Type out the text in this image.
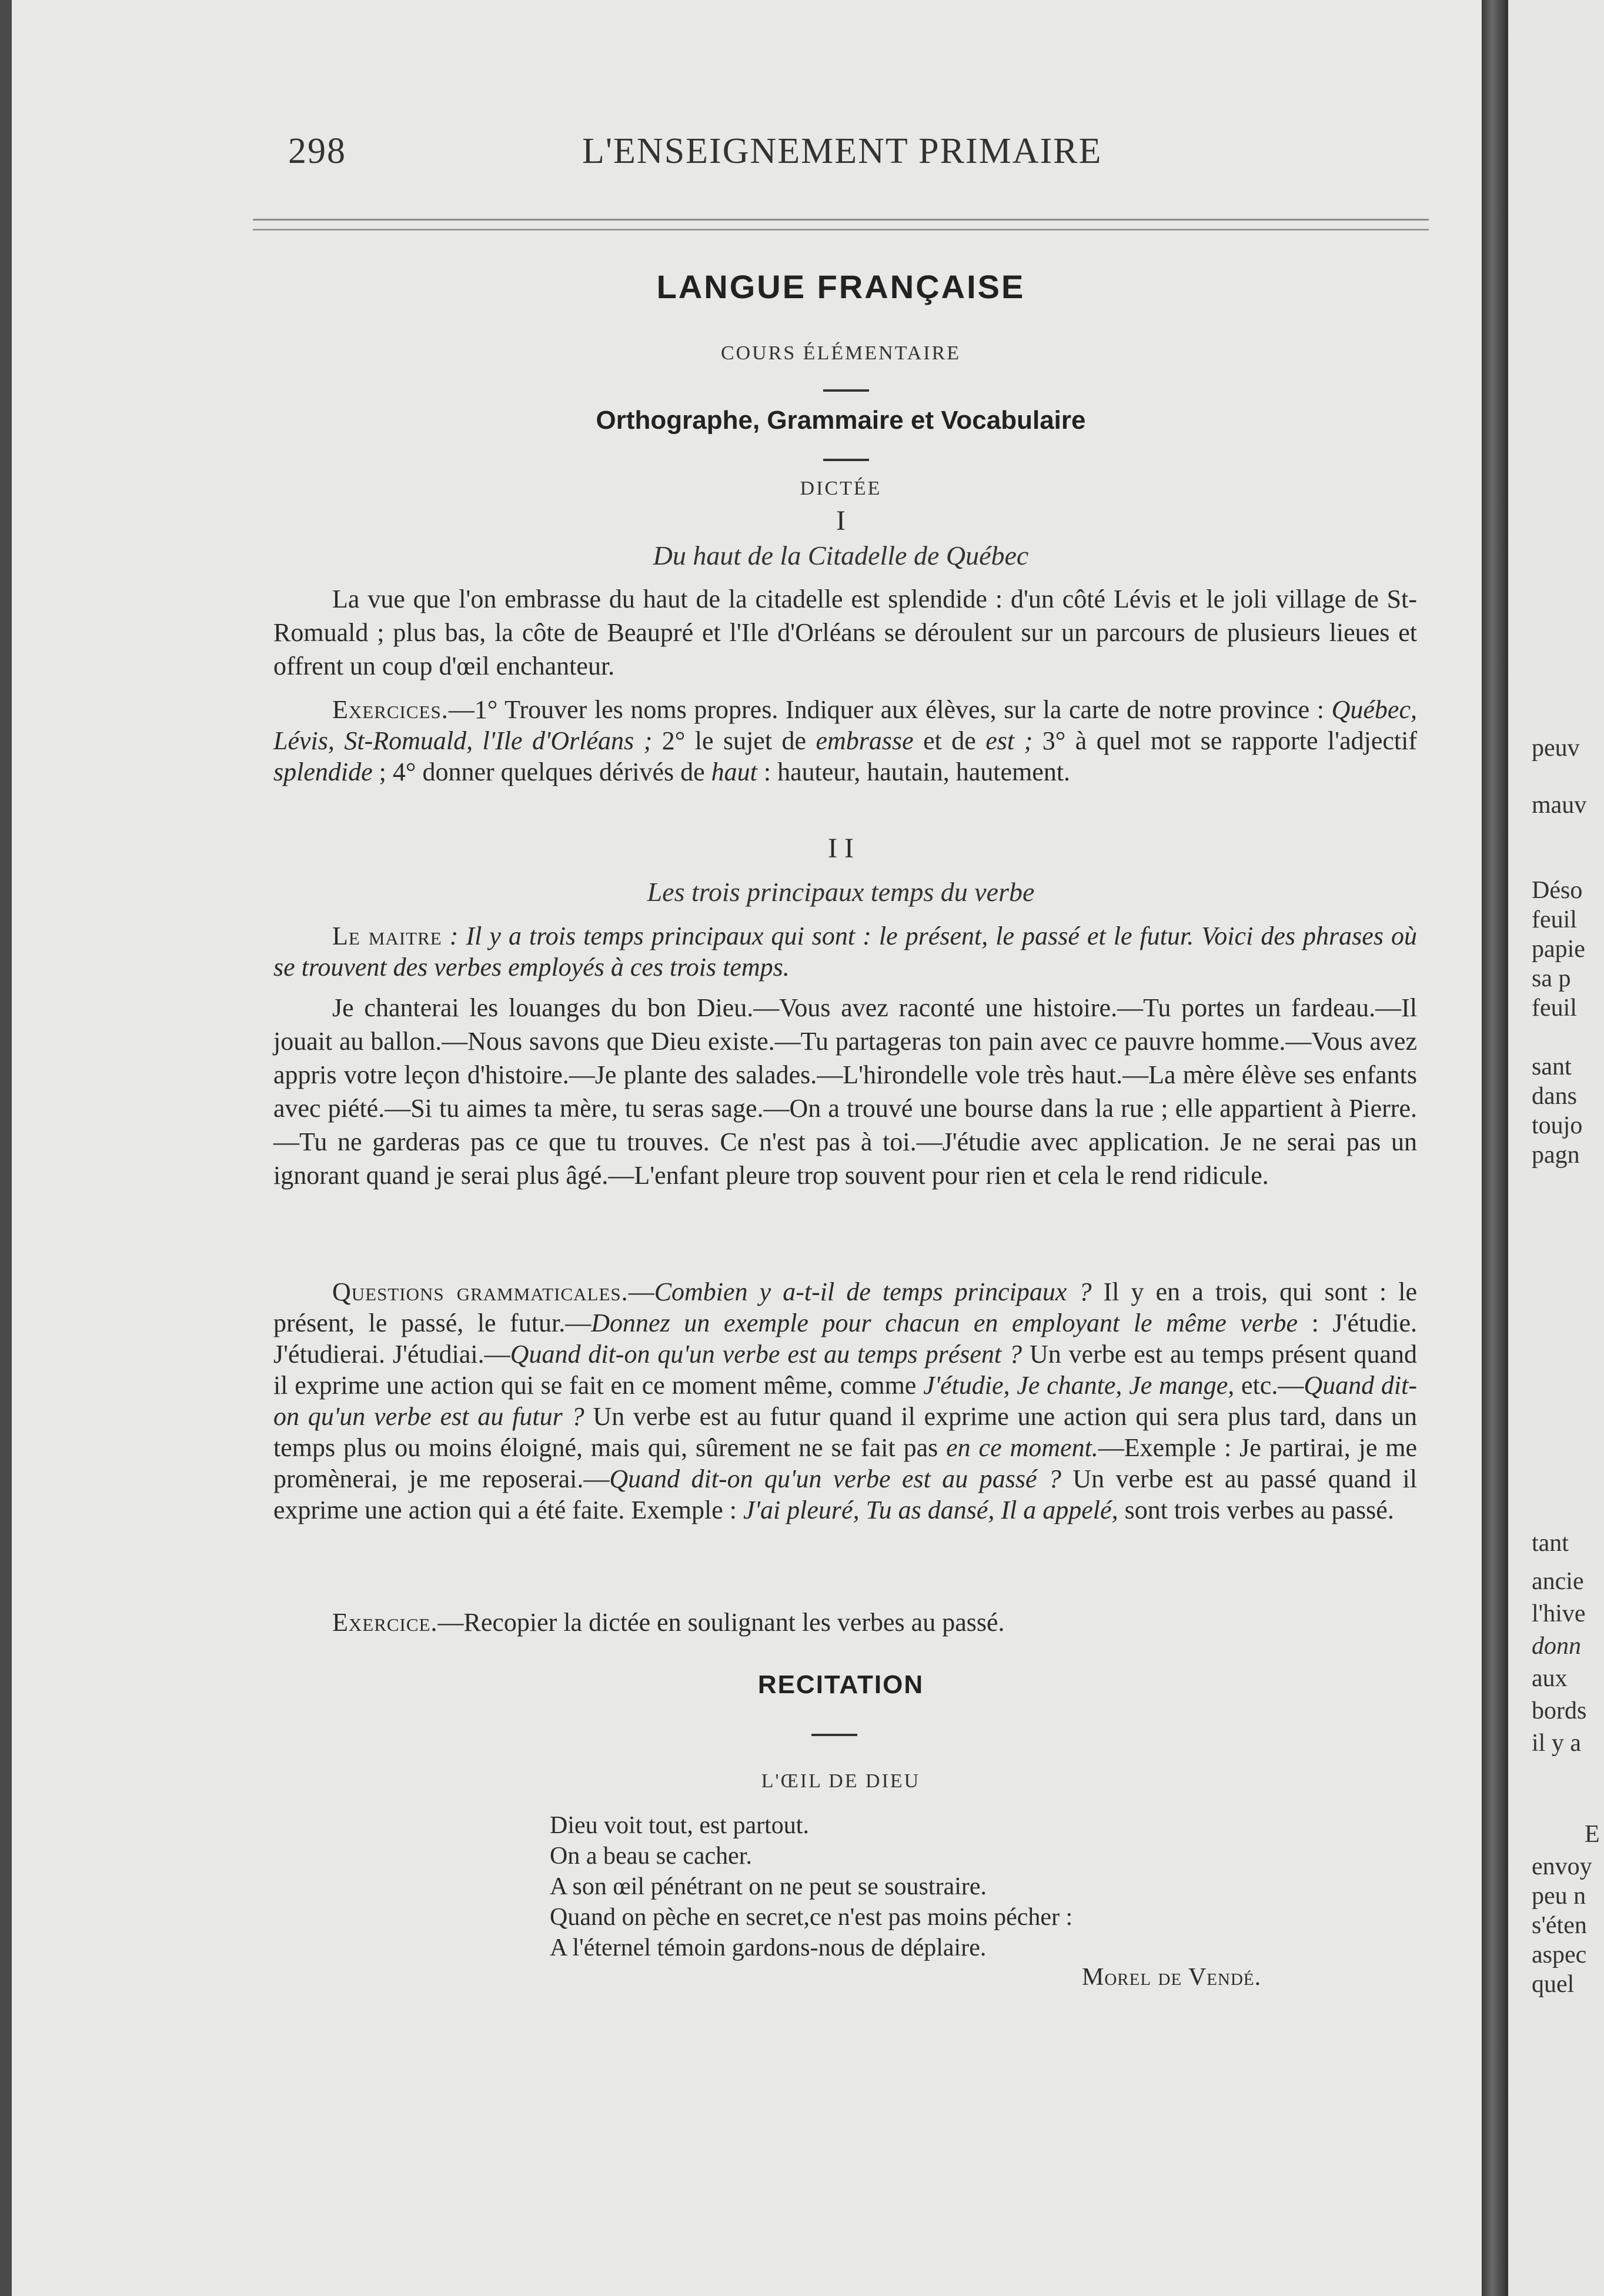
peuv
mauv
Déso
feuil
papie
sa p
feuil
sant
dans
toujo
pagn
tant
ancie
l'hive
donn
aux
bords
il y a
E
envoy
peu n
s'éten
aspec
quel
298	L'ENSEIGNEMENT PRIMAIRE
LANGUE FRANÇAISE
COURS ÉLÉMENTAIRE
Orthographe, Grammaire et Vocabulaire
DICTÉE
I
Du haut de la Citadelle de Québec

La vue que l'on embrasse du haut de la citadelle est splendide : d'un côté Lévis et le joli village de St-Romuald ; plus bas, la côte de Beaupré et l'Ile d'Orléans se déroulent sur un parcours de plusieurs lieues et offrent un coup d'œil enchanteur.

Exercices.—1° Trouver les noms propres. Indiquer aux élèves, sur la carte de notre province : Québec, Lévis, St-Romuald, l'Ile d'Orléans ; 2° le sujet de embrasse et de est ; 3° à quel mot se rapporte l'adjectif splendide ; 4° donner quelques dérivés de haut : hauteur, hautain, hautement.

I I
Les trois principaux temps du verbe

Le maitre : Il y a trois temps principaux qui sont : le présent, le passé et le futur. Voici des phrases où se trouvent des verbes employés à ces trois temps.

Je chanterai les louanges du bon Dieu.—Vous avez raconté une histoire.—Tu portes un fardeau.—Il jouait au ballon.—Nous savons que Dieu existe.—Tu partageras ton pain avec ce pauvre homme.—Vous avez appris votre leçon d'histoire.—Je plante des salades.—L'hirondelle vole très haut.—La mère élève ses enfants avec piété.—Si tu aimes ta mère, tu seras sage.—On a trouvé une bourse dans la rue ; elle appartient à Pierre.—Tu ne garderas pas ce que tu trouves. Ce n'est pas à toi.—J'étudie avec application. Je ne serai pas un ignorant quand je serai plus âgé.—L'enfant pleure trop souvent pour rien et cela le rend ridicule.

Questions grammaticales.—Combien y a-t-il de temps principaux ? Il y en a trois, qui sont : le présent, le passé, le futur.—Donnez un exemple pour chacun en employant le même verbe : J'étudie. J'étudierai. J'étudiai.—Quand dit-on qu'un verbe est au temps présent ? Un verbe est au temps présent quand il exprime une action qui se fait en ce moment même, comme J'étudie, Je chante, Je mange, etc.—Quand dit-on qu'un verbe est au futur ? Un verbe est au futur quand il exprime une action qui sera plus tard, dans un temps plus ou moins éloigné, mais qui, sûrement ne se fait pas en ce moment.—Exemple : Je partirai, je me promènerai, je me reposerai.—Quand dit-on qu'un verbe est au passé ? Un verbe est au passé quand il exprime une action qui a été faite. Exemple : J'ai pleuré, Tu as dansé, Il a appelé, sont trois verbes au passé.

Exercice.—Recopier la dictée en soulignant les verbes au passé.

RECITATION
L'ŒIL DE DIEU
Dieu voit tout, est partout.
On a beau se cacher.
A son œil pénétrant on ne peut se soustraire.
Quand on pèche en secret,ce n'est pas moins pécher :
A l'éternel témoin gardons-nous de déplaire.
Morel de Vendé.
